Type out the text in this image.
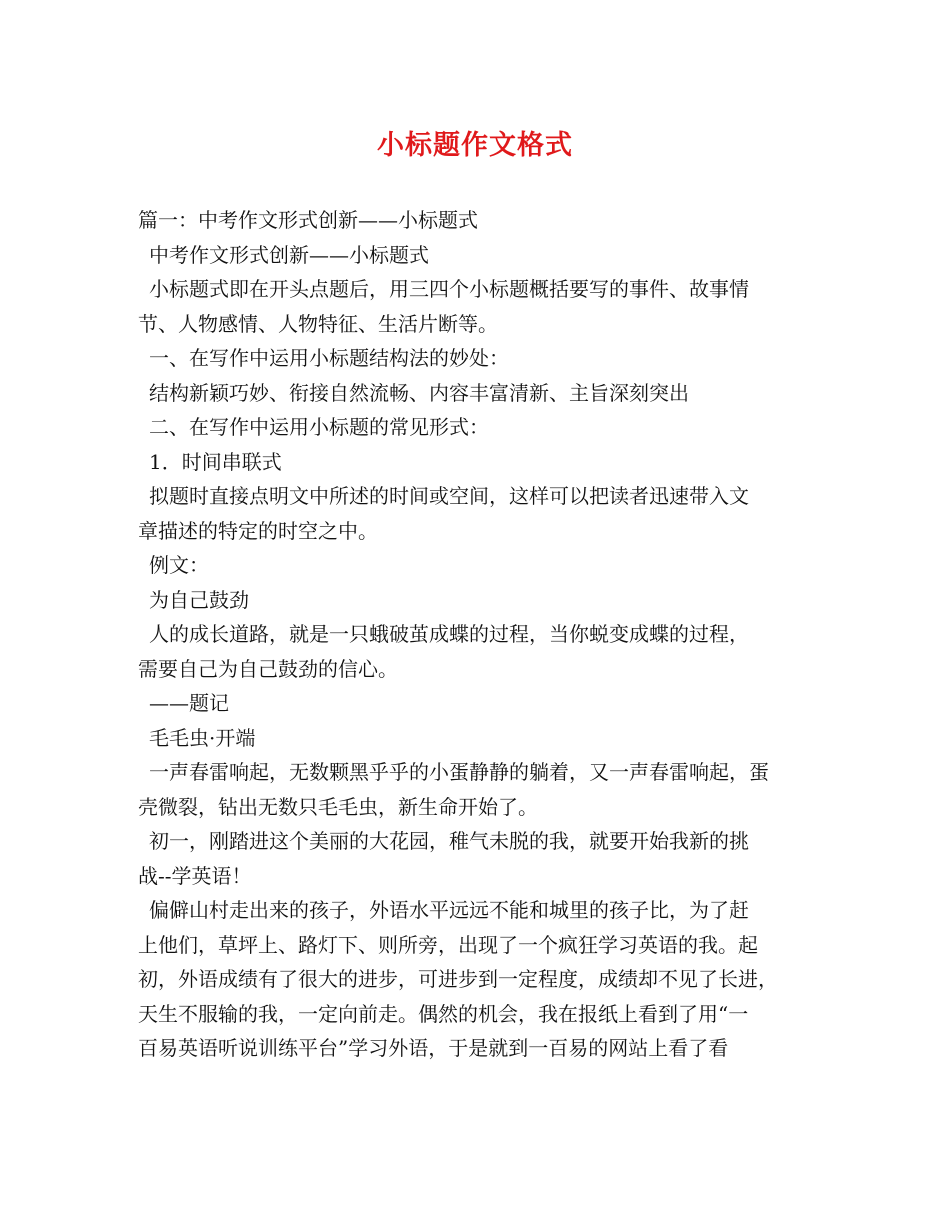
小标题作文格式
篇一：中考作文形式创新——小标题式
中考作文形式创新——小标题式
小标题式即在开头点题后，用三四个小标题概括要写的事件、故事情
节、人物感情、人物特征、生活片断等。
一、在写作中运用小标题结构法的妙处：
结构新颖巧妙、衔接自然流畅、内容丰富清新、主旨深刻突出
二、在写作中运用小标题的常见形式：
1．时间串联式
拟题时直接点明文中所述的时间或空间，这样可以把读者迅速带入文
章描述的特定的时空之中。
例文：
为自己鼓劲
人的成长道路，就是一只蛾破茧成蝶的过程，当你蜕变成蝶的过程，
需要自己为自己鼓劲的信心。
——题记
毛毛虫·开端
一声春雷响起，无数颗黑乎乎的小蛋静静的躺着，又一声春雷响起，蛋
壳微裂，钻出无数只毛毛虫，新生命开始了。
初一，刚踏进这个美丽的大花园，稚气未脱的我，就要开始我新的挑
战--学英语！
偏僻山村走出来的孩子，外语水平远远不能和城里的孩子比，为了赶
上他们，草坪上、路灯下、则所旁，出现了一个疯狂学习英语的我。起
初，外语成绩有了很大的进步，可进步到一定程度，成绩却不见了长进，
天生不服输的我，一定向前走。偶然的机会，我在报纸上看到了用“一
百易英语听说训练平台”学习外语，于是就到一百易的网站上看了看
